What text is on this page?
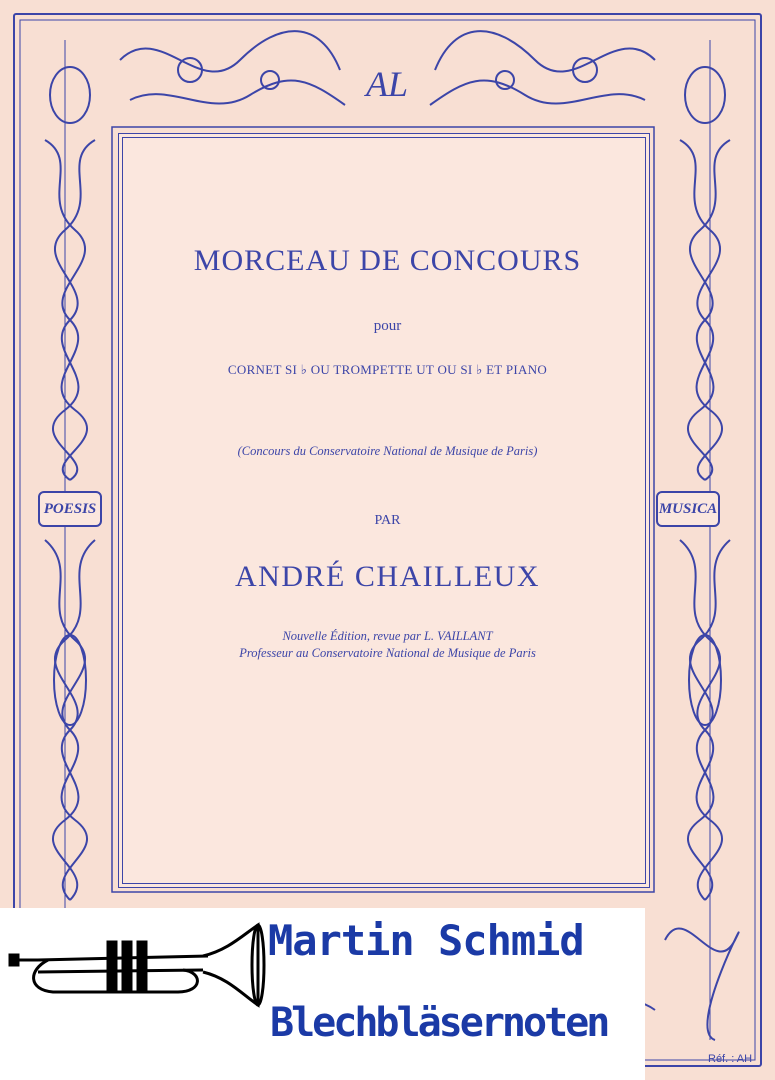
AL
POESIS	MUSICA
MORCEAU DE CONCOURS
pour
CORNET SI ♭ OU TROMPETTE UT OU SI ♭ ET PIANO
(Concours du Conservatoire National de Musique de Paris)
PAR
ANDRÉ CHAILLEUX
Nouvelle Édition, revue par L. VAILLANT
Professeur au Conservatoire National de Musique de Paris
Réf. : AH
Martin Schmid
Blechbläsernoten
